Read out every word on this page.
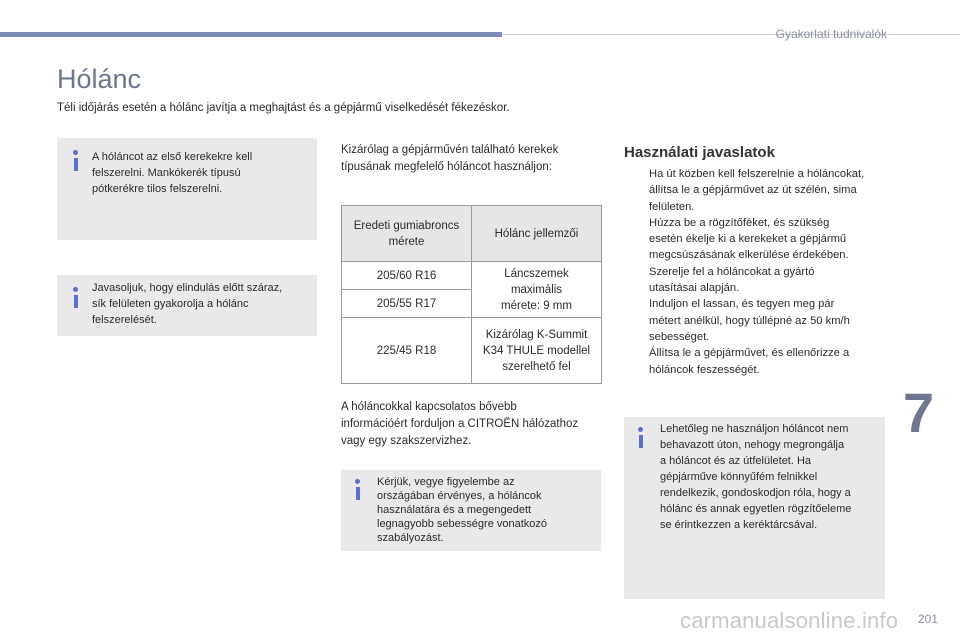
Gyakorlati tudnivalók
7
carmanualsonline.info 201
Hólánc

Téli időjárás esetén a hólánc javítja a meghajtást és a gépjármű viselkedését fékezéskor.

A hóláncot az első kerekekre kell
felszerelni. Mankókerék típusú
pótkerékre tilos felszerelni.
Javasoljuk, hogy elindulás előtt száraz,
sík felületen gyakorolja a hólánc
felszerelését.
Kizárólag a gépjárművén található kerekek
típusának megfelelő hóláncot használjon:
Eredeti gumiabroncs
mérete	Hólánc jellemzői

205/60 R16	Láncszemek
maximális
mérete: 9 mm

205/55 R17	
225/45 R18	Kizárólag K-Summit
K34 THULE modellel
szerelhető fel
A hóláncokkal kapcsolatos bővebb
információért forduljon a CITROËN hálózathoz
vagy egy szakszervizhez.
Kérjük, vegye figyelembe az
országában érvényes, a hóláncok
használatára és a megengedett
legnagyobb sebességre vonatkozó
szabályozást.
Használati javaslatok
Ha út közben kell felszerelnie a hóláncokat,
állítsa le a gépjárművet az út szélén, sima
felületen.
Húzza be a rögzítőféket, és szükség
esetén ékelje ki a kerekeket a gépjármű
megcsúszásának elkerülése érdekében.
Szerelje fel a hóláncokat a gyártó
utasításai alapján.
Induljon el lassan, és tegyen meg pár
métert anélkül, hogy túllépné az 50 km/h
sebességet.
Állítsa le a gépjárművet, és ellenőrizze a
hóláncok feszességét.
Lehetőleg ne használjon hóláncot nem
behavazott úton, nehogy megrongálja
a hóláncot és az útfelületet. Ha
gépjárműve könnyűfém felnikkel
rendelkezik, gondoskodjon róla, hogy a
hólánc és annak egyetlen rögzítőeleme
se érintkezzen a keréktárcsával.
